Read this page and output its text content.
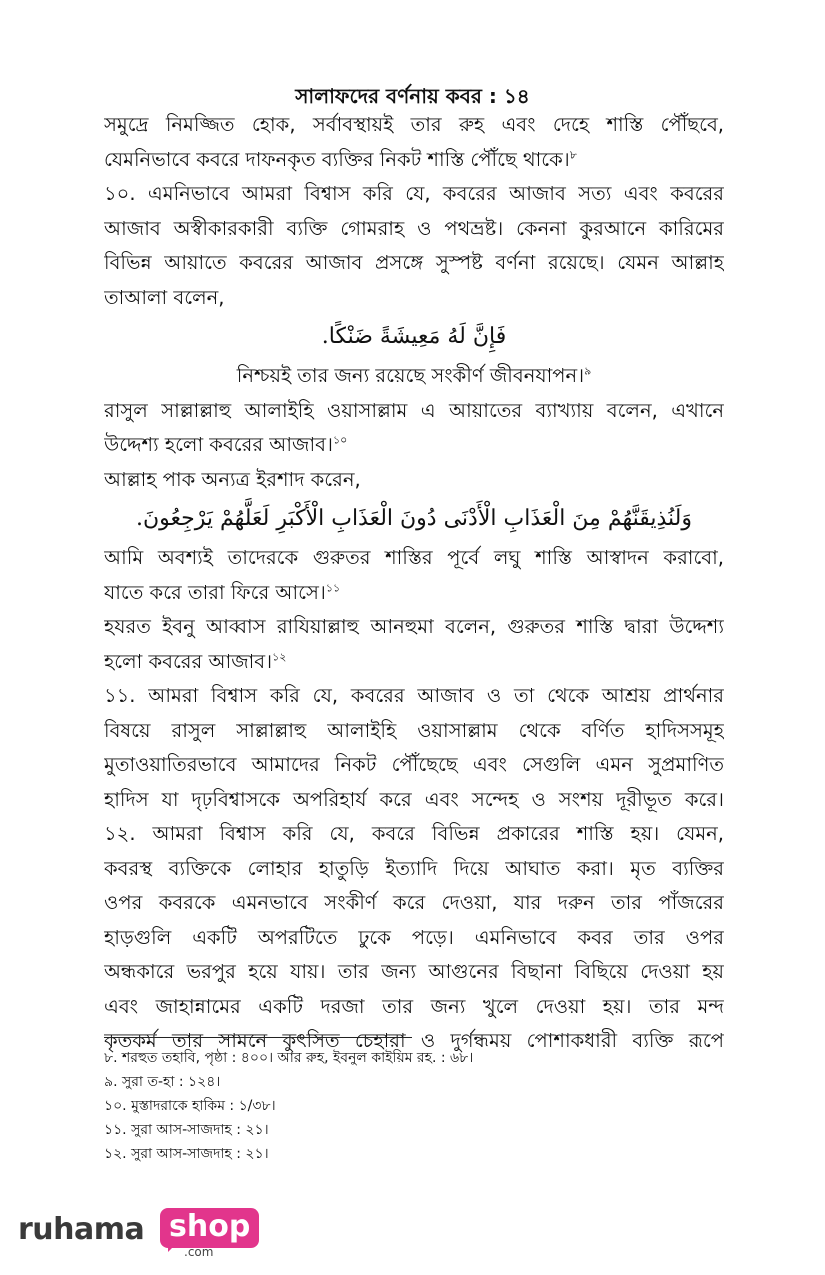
সালাফদের বর্ণনায় কবর : ১৪
সমুদ্রে নিমজ্জিত হোক, সর্বাবস্থায়ই তার রুহ এবং দেহে শাস্তি পৌঁছবে,
যেমনিভাবে কবরে দাফনকৃত ব্যক্তির নিকট শাস্তি পৌঁছে থাকে।$^৮$
১০. এমনিভাবে আমরা বিশ্বাস করি যে, কবরের আজাব সত্য এবং কবরের
আজাব অস্বীকারকারী ব্যক্তি গোমরাহ ও পথভ্রষ্ট। কেননা কুরআনে কারিমের
বিভিন্ন আয়াতে কবরের আজাব প্রসঙ্গে সুস্পষ্ট বর্ণনা রয়েছে। যেমন আল্লাহ
তাআলা বলেন,
فَإِنَّ لَهُ مَعِيشَةً ضَنْكًا.
নিশ্চয়ই তার জন্য রয়েছে সংকীর্ণ জীবনযাপন।$^৯$
রাসুল সাল্লাল্লাহু আলাইহি ওয়াসাল্লাম এ আয়াতের ব্যাখ্যায় বলেন, এখানে
উদ্দেশ্য হলো কবরের আজাব।$^{১০}$
আল্লাহ পাক অন্যত্র ইরশাদ করেন,
وَلَنُذِيقَنَّهُمْ مِنَ الْعَذَابِ الْأَدْنَى دُونَ الْعَذَابِ الْأَكْبَرِ لَعَلَّهُمْ يَرْجِعُونَ.
আমি অবশ্যই তাদেরকে গুরুতর শাস্তির পূর্বে লঘু শাস্তি আস্বাদন করাবো,
যাতে করে তারা ফিরে আসে।$^{১১}$
হযরত ইবনু আব্বাস রাযিয়াল্লাহু আনহুমা বলেন, গুরুতর শাস্তি দ্বারা উদ্দেশ্য
হলো কবরের আজাব।$^{১২}$
১১. আমরা বিশ্বাস করি যে, কবরের আজাব ও তা থেকে আশ্রয় প্রার্থনার
বিষয়ে রাসুল সাল্লাল্লাহু আলাইহি ওয়াসাল্লাম থেকে বর্ণিত হাদিসসমূহ
মুতাওয়াতিরভাবে আমাদের নিকট পৌঁছেছে এবং সেগুলি এমন সুপ্রমাণিত
হাদিস যা দৃঢ়বিশ্বাসকে অপরিহার্য করে এবং সন্দেহ ও সংশয় দূরীভূত করে।
১২. আমরা বিশ্বাস করি যে, কবরে বিভিন্ন প্রকারের শাস্তি হয়। যেমন,
কবরস্থ ব্যক্তিকে লোহার হাতুড়ি ইত্যাদি দিয়ে আঘাত করা। মৃত ব্যক্তির
ওপর কবরকে এমনভাবে সংকীর্ণ করে দেওয়া, যার দরুন তার পাঁজরের
হাড়গুলি একটি অপরটিতে ঢুকে পড়ে। এমনিভাবে কবর তার ওপর
অন্ধকারে ভরপুর হয়ে যায়। তার জন্য আগুনের বিছানা বিছিয়ে দেওয়া হয়
এবং জাহান্নামের একটি দরজা তার জন্য খুলে দেওয়া হয়। তার মন্দ
কৃতকর্ম তার সামনে কুৎসিত চেহারা ও দুর্গন্ধময় পোশাকধারী ব্যক্তি রূপে
৮. শরহুত তহাবি, পৃষ্ঠা : ৪০০। আর রুহ, ইবনুল কাইয়িম রহ. : ৬৮।
৯. সুরা ত-হা : ১২৪।
১০. মুস্তাদরাকে হাকিম : ১/৩৮।
১১. সুরা আস-সাজদাহ : ২১।
১২. সুরা আস-সাজদাহ : ২১।
ruhama shop
.com
